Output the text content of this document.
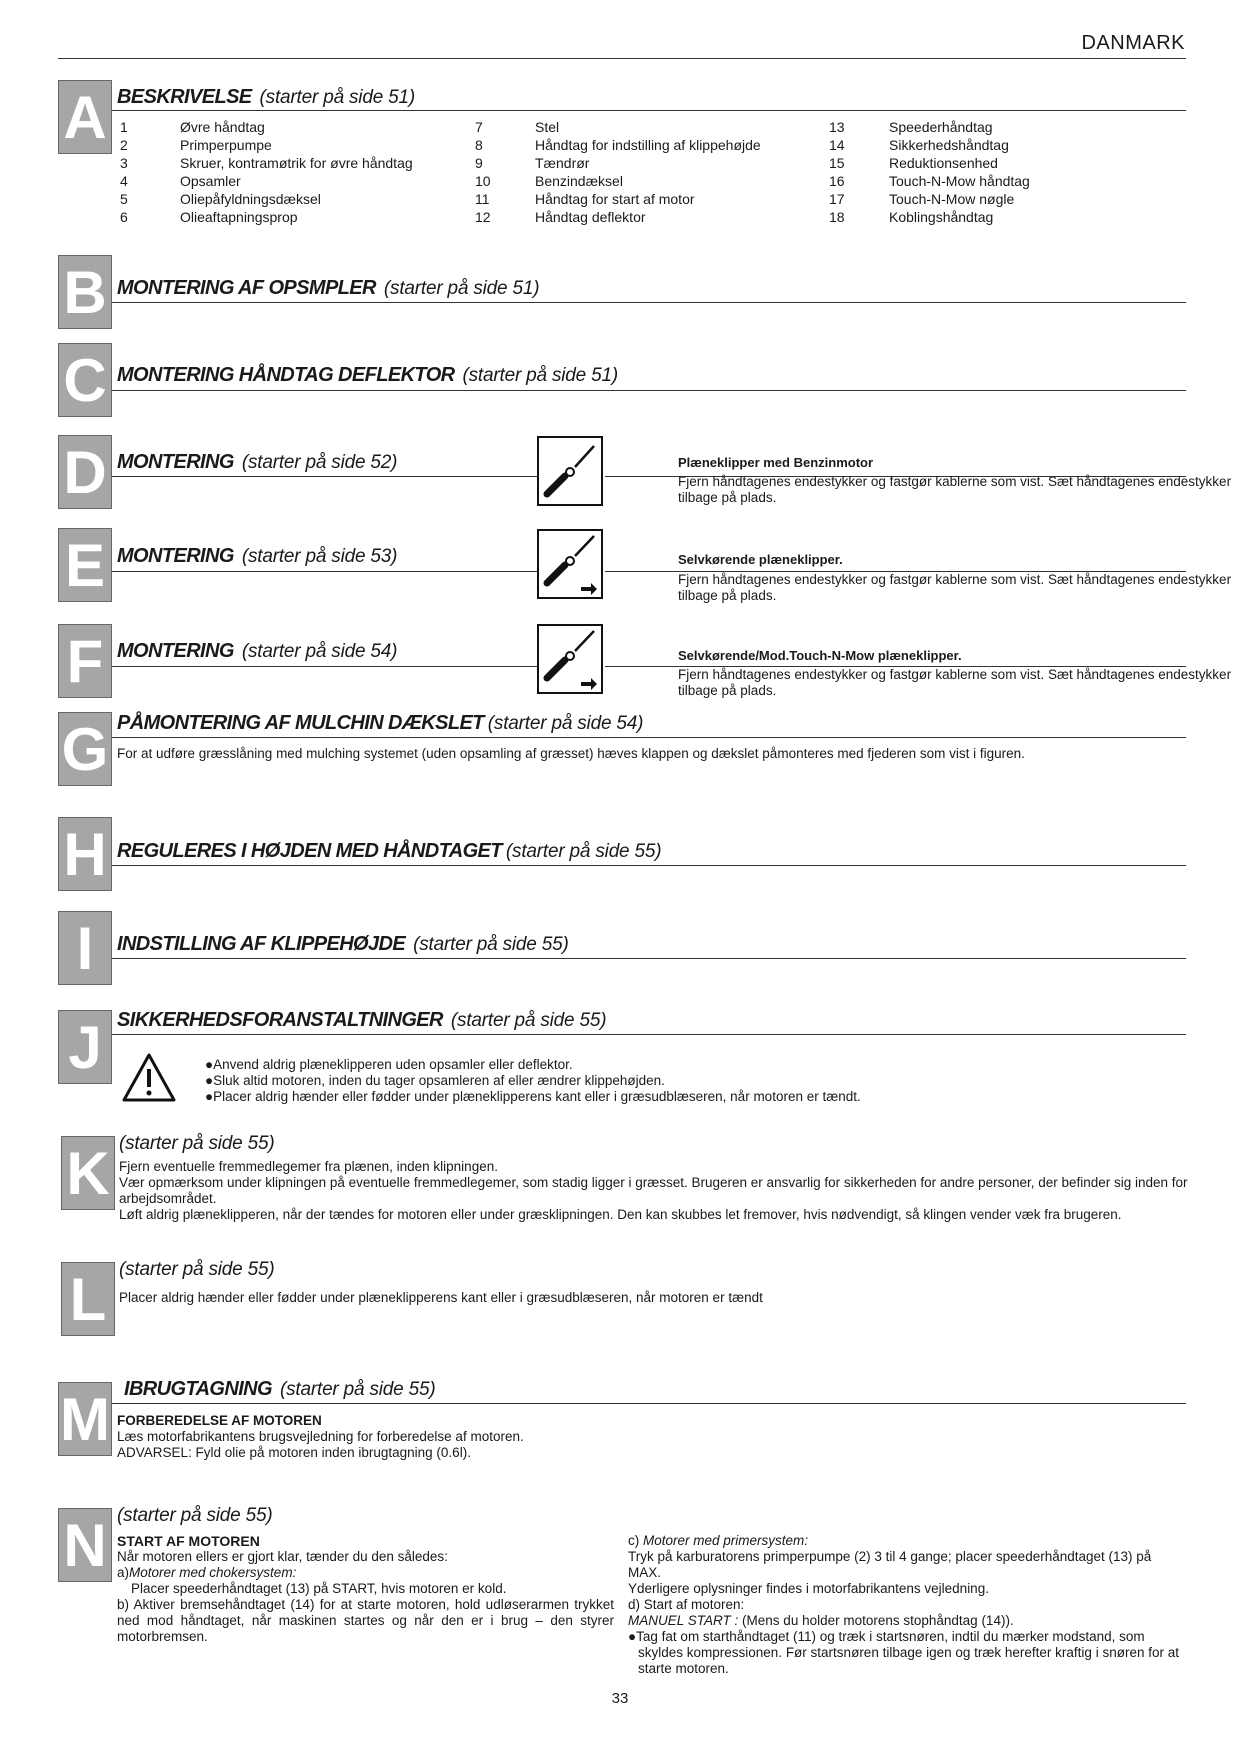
DANMARK
A BESKRIVELSE (starter på side 51)
1	Øvre håndtag
2	Primperpumpe
3	Skruer, kontramøtrik for øvre håndtag
4	Opsamler
5	Oliepåfyldningsdæksel
6	Olieaftapningsprop
7	Stel
8	Håndtag for indstilling af klippehøjde
9	Tændrør
10	Benzindæksel
11	Håndtag for start af motor
12	Håndtag deflektor
13	Speederhåndtag
14	Sikkerhedshåndtag
15	Reduktionsenhed
16	Touch-N-Mow håndtag
17	Touch-N-Mow nøgle
18	Koblingshåndtag
B MONTERING AF OPSMPLER (starter på side 51)
C MONTERING HÅNDTAG DEFLEKTOR (starter på side 51)
D MONTERING (starter på side 52)	Plæneklipper med Benzinmotor
Fjern håndtagenes endestykker og fastgør kablerne som vist. Sæt håndtagenes endestykker tilbage på plads.
E MONTERING (starter på side 53)	Selvkørende plæneklipper.
Fjern håndtagenes endestykker og fastgør kablerne som vist. Sæt håndtagenes endestykker tilbage på plads.
F MONTERING (starter på side 54)	Selvkørende/Mod.Touch-N-Mow plæneklipper.
Fjern håndtagenes endestykker og fastgør kablerne som vist. Sæt håndtagenes endestykker tilbage på plads.
G PÅMONTERING AF MULCHIN DÆKSLET (starter på side 54)
For at udføre græsslåning med mulching systemet (uden opsamling af græsset) hæves klappen og dækslet påmonteres med fjederen som vist i figuren.
H REGULERES I HØJDEN MED HÅNDTAGET (starter på side 55)
I	INDSTILLING AF KLIPPEHØJDE (starter på side 55)
J SIKKERHEDSFORANSTALTNINGER (starter på side 55)
●Anvend aldrig plæneklipperen uden opsamler eller deflektor.
●Sluk altid motoren, inden du tager opsamleren af eller ændrer klippehøjden.
●Placer aldrig hænder eller fødder under plæneklipperens kant eller i græsudblæseren, når motoren er tændt.
K (starter på side 55)
Fjern eventuelle fremmedlegemer fra plænen, inden klipningen.
Vær opmærksom under klipningen på eventuelle fremmedlegemer, som stadig ligger i græsset. Brugeren er ansvarlig for sikkerheden for andre personer, der befinder sig inden for arbejdsområdet.
Løft aldrig plæneklipperen, når der tændes for motoren eller under græsklipningen. Den kan skubbes let fremover, hvis nødvendigt, så klingen vender væk fra brugeren.
L (starter på side 55)
Placer aldrig hænder eller fødder under plæneklipperens kant eller i græsudblæseren, når motoren er tændt
M IBRUGTAGNING (starter på side 55)
FORBEREDELSE AF MOTOREN
Læs motorfabrikantens brugsvejledning for forberedelse af motoren.
ADVARSEL: Fyld olie på motoren inden ibrugtagning (0.6l).
N (starter på side 55)
START AF MOTOREN
Når motoren ellers er gjort klar, tænder du den således:
a)Motorer med chokersystem:
Placer speederhåndtaget (13) på START, hvis motoren er kold.
b) Aktiver bremsehåndtaget (14) for at starte motoren, hold udløserarmen trykket ned mod håndtaget, når maskinen startes og når den er i brug – den styrer motorbremsen.
c) Motorer med primersystem:
Tryk på karburatorens primperpumpe (2) 3 til 4 gange; placer speederhåndtaget (13) på MAX.
Yderligere oplysninger findes i motorfabrikantens vejledning.
d) Start af motoren:
MANUEL START : (Mens du holder motorens stophåndtag (14)).
●Tag fat om starthåndtaget (11) og træk i startsnøren, indtil du mærker modstand, som skyldes kompressionen. Før startsnøren tilbage igen og træk herefter kraftig i snøren for at starte motoren.
33
